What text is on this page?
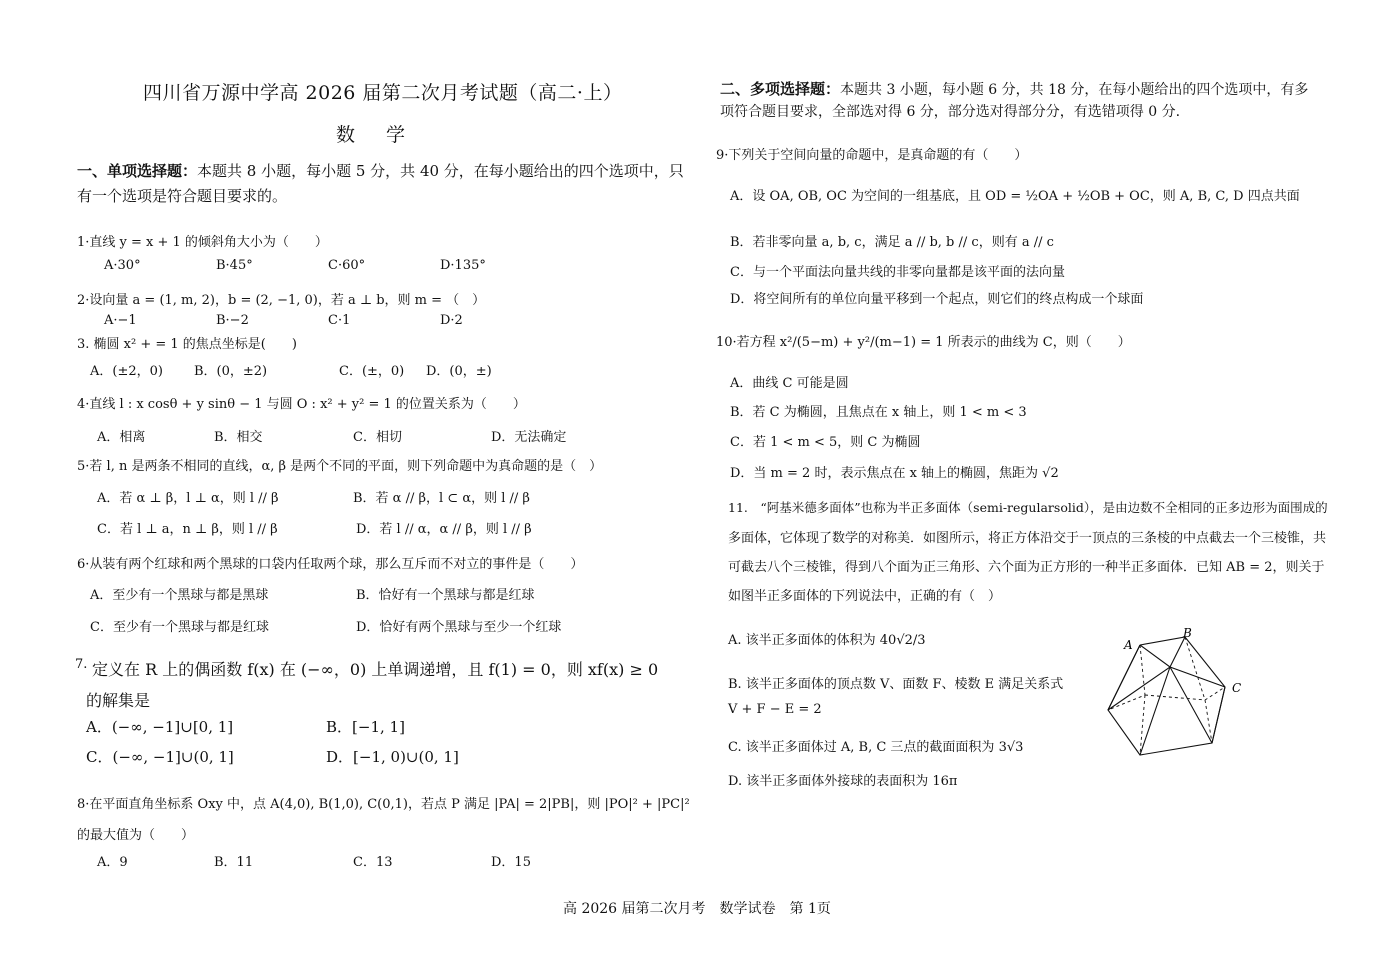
四川省万源中学高 2026 届第二次月考试题（高二·上）
数　学
一、单项选择题：本题共 8 小题，每小题 5 分，共 40 分，在每小题给出的四个选项中，只
有一个选项是符合题目要求的。
1·直线 y = x + 1 的倾斜角大小为（　　）
A·30°	B·45°	C·60°	D·135°
2·设向量 a = (1, m, 2)，b = (2, −1, 0)，若 a ⊥ b，则 m = （　）
A·−1	B·−2	C·1	D·2
3. 椭圆 x² + = 1 的焦点坐标是(　　)
A．(±2，0) B．(0，±2)	C．(±，0) D．(0，±)
4·直线 l : x cosθ + y sinθ − 1 与圆 O : x² + y² = 1 的位置关系为（　　）
A．相离	B．相交	C．相切	D．无法确定
5·若 l, n 是两条不相同的直线，α, β 是两个不同的平面，则下列命题中为真命题的是（　）
A．若 α ⊥ β，l ⊥ α，则 l // β	B．若 α // β，l ⊂ α，则 l // β
C．若 l ⊥ a，n ⊥ β，则 l // β	D．若 l // α，α // β，则 l // β
6·从装有两个红球和两个黑球的口袋内任取两个球，那么互斥而不对立的事件是（　　）
A．至少有一个黑球与都是黑球	B．恰好有一个黑球与都是红球
C．至少有一个黑球与都是红球	D．恰好有两个黑球与至少一个红球
7. 定义在 R 上的偶函数 f(x) 在 (−∞，0) 上单调递增，且 f(1) = 0，则 xf(x) ≥ 0
的解集是
A．(−∞, −1]∪[0, 1]	B．[−1, 1]
C．(−∞, −1]∪(0, 1]	D．[−1, 0)∪(0, 1]
8·在平面直角坐标系 Oxy 中，点 A(4,0), B(1,0), C(0,1)，若点 P 满足 |PA| = 2|PB|，则 |PO|² + |PC|²
的最大值为（　　）
A．9	B．11	C．13	D．15
二、多项选择题：本题共 3 小题，每小题 6 分，共 18 分，在每小题给出的四个选项中，有多
项符合题目要求，全部选对得 6 分，部分选对得部分分，有选错项得 0 分.
9·下列关于空间向量的命题中，是真命题的有（　　）
A．设 OA, OB, OC 为空间的一组基底，且 OD = ½OA + ½OB + OC，则 A, B, C, D 四点共面
B．若非零向量 a, b, c，满足 a // b, b // c，则有 a // c
C．与一个平面法向量共线的非零向量都是该平面的法向量
D．将空间所有的单位向量平移到一个起点，则它们的终点构成一个球面
10·若方程 x²/(5−m) + y²/(m−1) = 1 所表示的曲线为 C，则（　　）
A．曲线 C 可能是圆
B．若 C 为椭圆，且焦点在 x 轴上，则 1 < m < 3
C．若 1 < m < 5，则 C 为椭圆
D．当 m = 2 时，表示焦点在 x 轴上的椭圆，焦距为 √2
11.　“阿基米德多面体”也称为半正多面体（semi-regularsolid），是由边数不全相同的正多边形为面围成的
多面体，它体现了数学的对称美．如图所示，将正方体沿交于一顶点的三条棱的中点截去一个三棱锥，共
可截去八个三棱锥，得到八个面为正三角形、六个面为正方形的一种半正多面体．已知 AB = 2，则关于
如图半正多面体的下列说法中，正确的有（　）
A. 该半正多面体的体积为 40√2/3
B. 该半正多面体的顶点数 V、面数 F、棱数 E 满足关系式
V + F − E = 2
C. 该半正多面体过 A, B, C 三点的截面面积为 3√3
D. 该半正多面体外接球的表面积为 16π
A
B
C
高 2026 届第二次月考　数学试卷　第 1页
